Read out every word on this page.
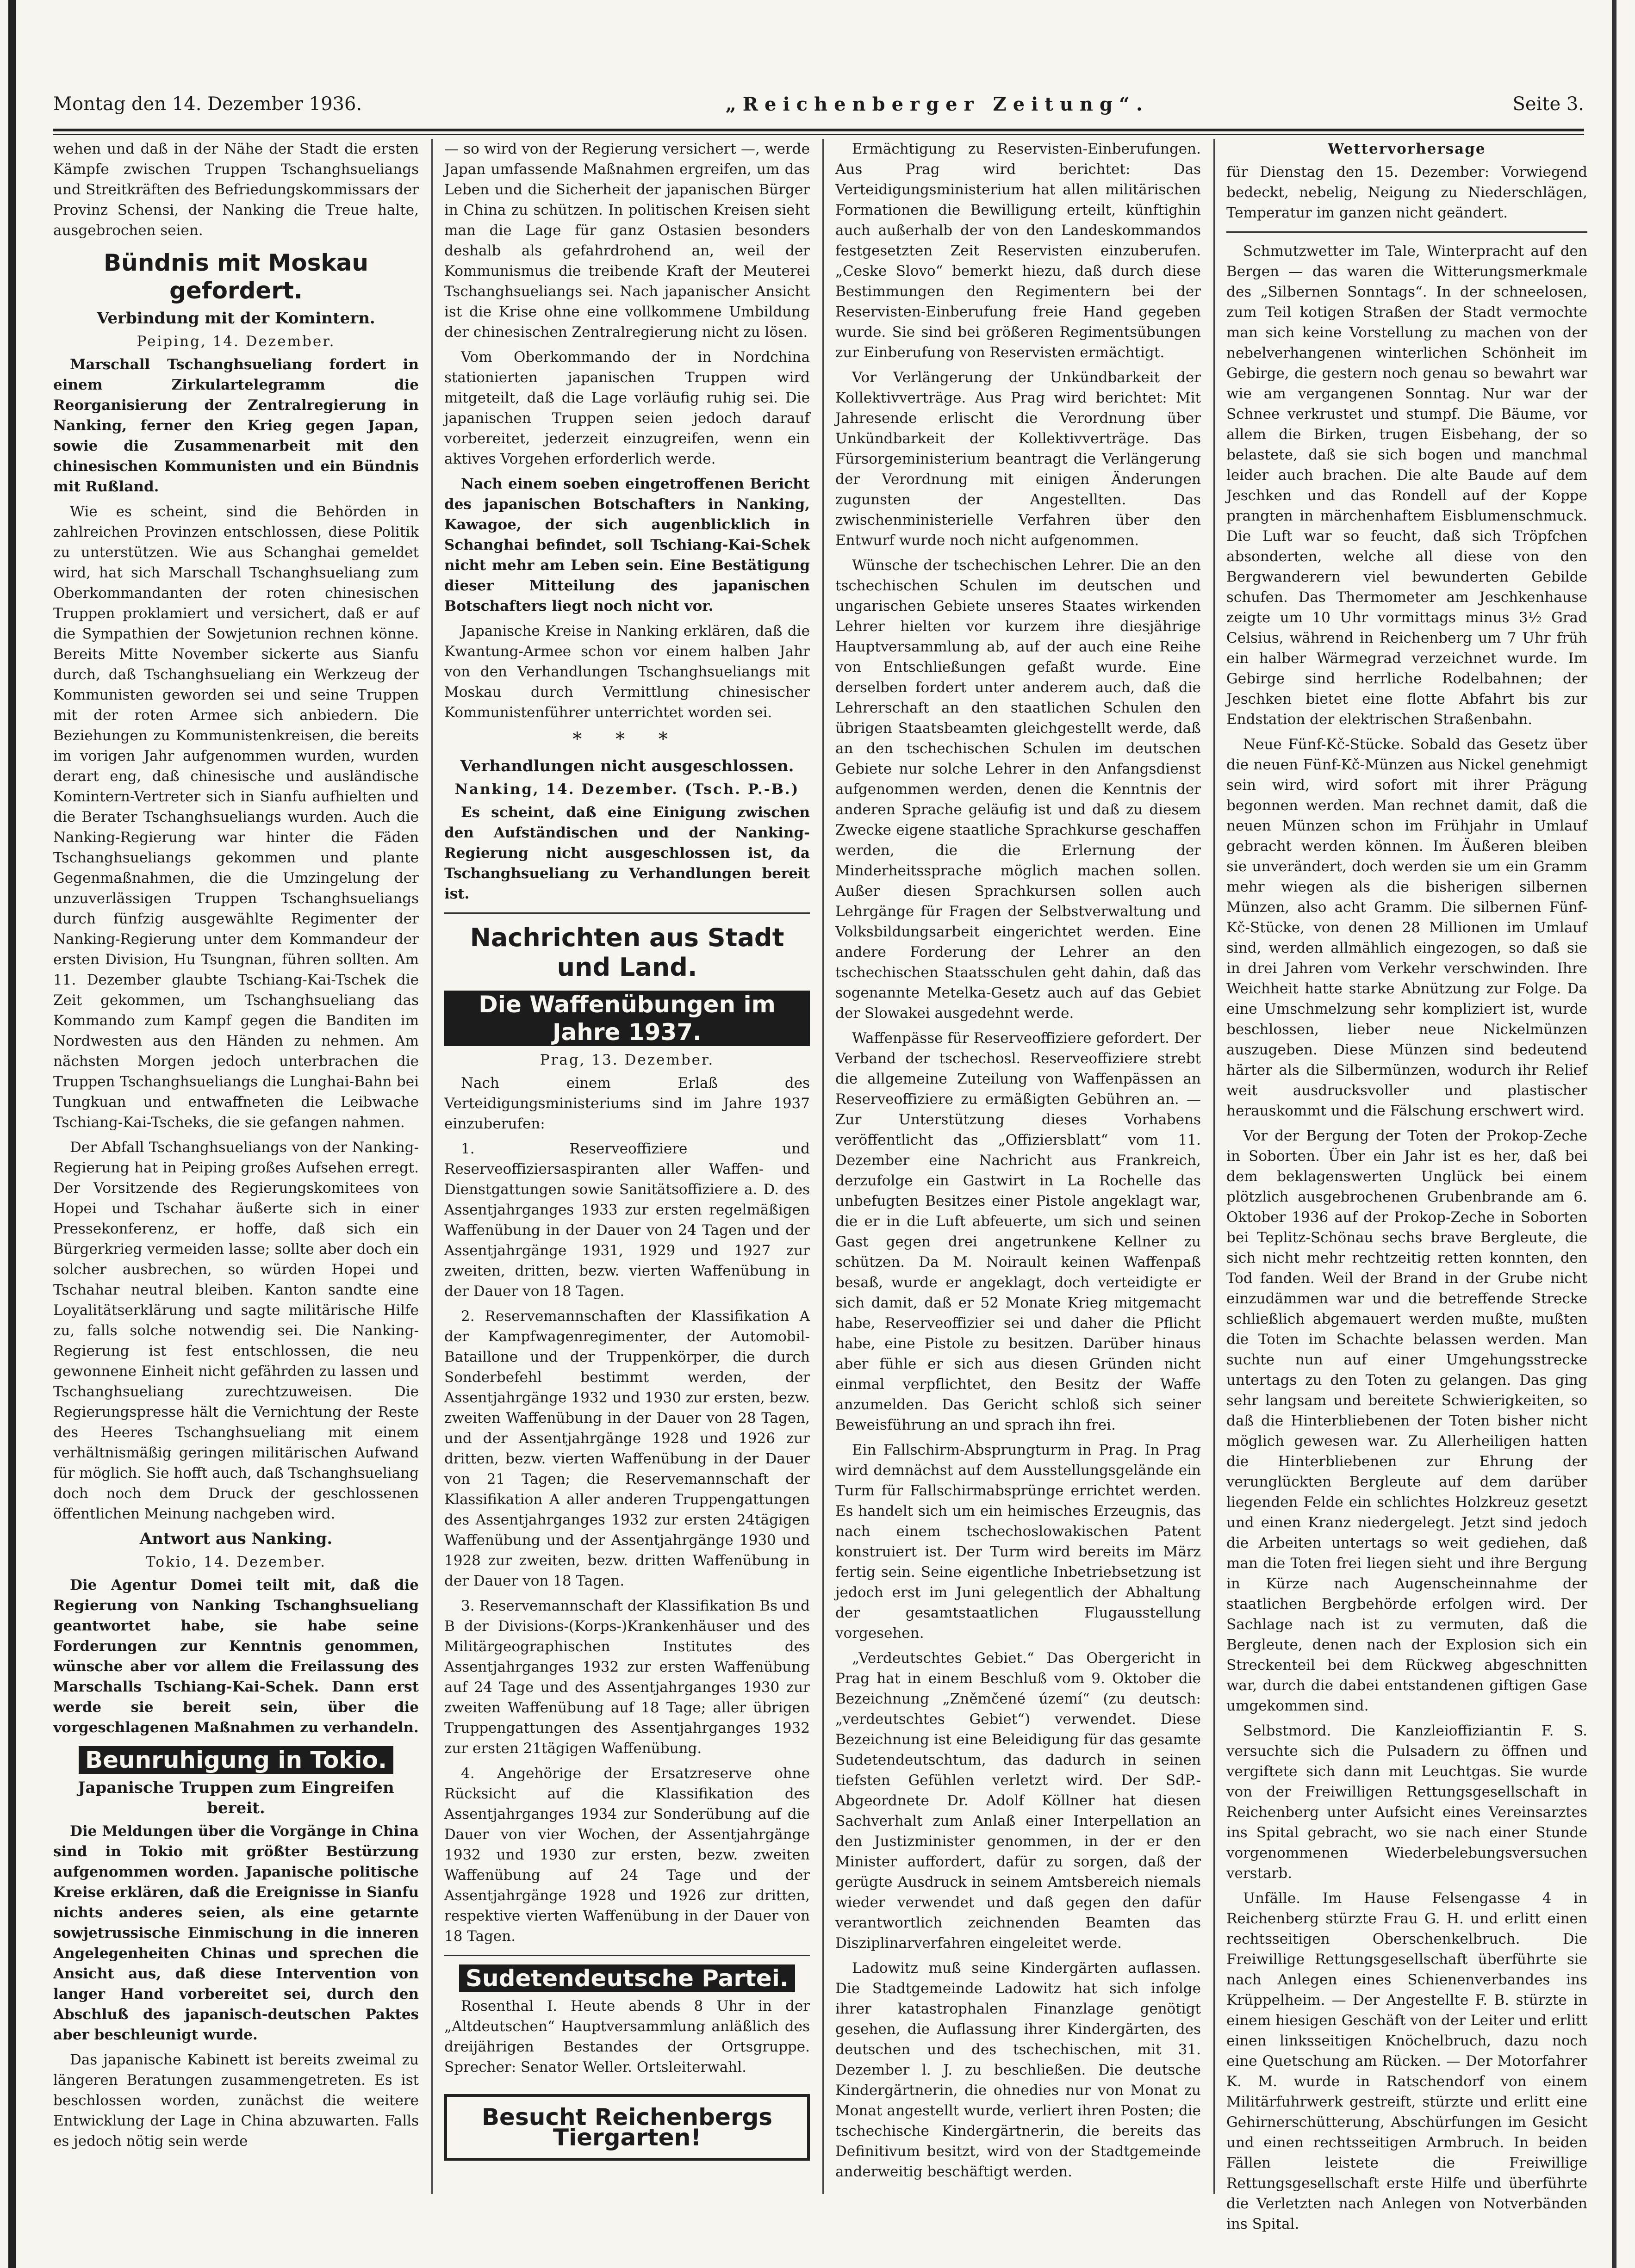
Montag den 14. Dezember 1936.	„Reichenberger Zeitung“.	Seite 3.

wehen und daß in der Nähe der Stadt die ersten Kämpfe zwischen Truppen Tschanghsueliangs und Streitkräften des Befriedungskommissars der Provinz Schensi, der Nanking die Treue halte, ausgebrochen seien.

Bündnis mit Moskau gefordert.
Verbindung mit der Komintern.
Peiping, 14. Dezember.

Marschall Tschanghsueliang fordert in einem Zirkulartelegramm die Reorganisierung der Zentralregierung in Nanking, ferner den Krieg gegen Japan, sowie die Zusammenarbeit mit den chinesischen Kommunisten und ein Bündnis mit Rußland.

Wie es scheint, sind die Behörden in zahlreichen Provinzen entschlossen, diese Politik zu unterstützen. Wie aus Schanghai gemeldet wird, hat sich Marschall Tschanghsueliang zum Oberkommandanten der roten chinesischen Truppen proklamiert und versichert, daß er auf die Sympathien der Sowjetunion rechnen könne. Bereits Mitte November sickerte aus Sianfu durch, daß Tschanghsueliang ein Werkzeug der Kommunisten geworden sei und seine Truppen mit der roten Armee sich anbiedern. Die Beziehungen zu Kommunistenkreisen, die bereits im vorigen Jahr aufgenommen wurden, wurden derart eng, daß chinesische und ausländische Komintern-Vertreter sich in Sianfu aufhielten und die Berater Tschanghsueliangs wurden. Auch die Nanking-Regierung war hinter die Fäden Tschanghsueliangs gekommen und plante Gegenmaßnahmen, die die Umzingelung der unzuverlässigen Truppen Tschanghsueliangs durch fünfzig ausgewählte Regimenter der Nanking-Regierung unter dem Kommandeur der ersten Division, Hu Tsungnan, führen sollten. Am 11. Dezember glaubte Tschiang-Kai-Tschek die Zeit gekommen, um Tschanghsueliang das Kommando zum Kampf gegen die Banditen im Nordwesten aus den Händen zu nehmen. Am nächsten Morgen jedoch unterbrachen die Truppen Tschanghsueliangs die Lunghai-Bahn bei Tungkuan und entwaffneten die Leibwache Tschiang-Kai-Tscheks, die sie gefangen nahmen.

Der Abfall Tschanghsueliangs von der Nanking-Regierung hat in Peiping großes Aufsehen erregt. Der Vorsitzende des Regierungskomitees von Hopei und Tschahar äußerte sich in einer Pressekonferenz, er hoffe, daß sich ein Bürgerkrieg vermeiden lasse; sollte aber doch ein solcher ausbrechen, so würden Hopei und Tschahar neutral bleiben. Kanton sandte eine Loyalitätserklärung und sagte militärische Hilfe zu, falls solche notwendig sei. Die Nanking-Regierung ist fest entschlossen, die neu gewonnene Einheit nicht gefährden zu lassen und Tschanghsueliang zurechtzuweisen. Die Regierungspresse hält die Vernichtung der Reste des Heeres Tschanghsueliang mit einem verhältnismäßig geringen militärischen Aufwand für möglich. Sie hofft auch, daß Tschanghsueliang doch noch dem Druck der geschlossenen öffentlichen Meinung nachgeben wird.

Antwort aus Nanking.
Tokio, 14. Dezember.

Die Agentur Domei teilt mit, daß die Regierung von Nanking Tschanghsueliang geantwortet habe, sie habe seine Forderungen zur Kenntnis genommen, wünsche aber vor allem die Freilassung des Marschalls Tschiang-Kai-Schek. Dann erst werde sie bereit sein, über die vorgeschlagenen Maßnahmen zu verhandeln.

Beunruhigung in Tokio.
Japanische Truppen zum Eingreifen bereit.

Die Meldungen über die Vorgänge in China sind in Tokio mit größter Bestürzung aufgenommen worden. Japanische politische Kreise erklären, daß die Ereignisse in Sianfu nichts anderes seien, als eine getarnte sowjetrussische Einmischung in die inneren Angelegenheiten Chinas und sprechen die Ansicht aus, daß diese Intervention von langer Hand vorbereitet sei, durch den Abschluß des japanisch-deutschen Paktes aber beschleunigt wurde.

Das japanische Kabinett ist bereits zweimal zu längeren Beratungen zusammengetreten. Es ist beschlossen worden, zunächst die weitere Entwicklung der Lage in China abzuwarten. Falls es jedoch nötig sein werde

— so wird von der Regierung versichert —, werde Japan umfassende Maßnahmen ergreifen, um das Leben und die Sicherheit der japanischen Bürger in China zu schützen. In politischen Kreisen sieht man die Lage für ganz Ostasien besonders deshalb als gefahrdrohend an, weil der Kommunismus die treibende Kraft der Meuterei Tschanghsueliangs sei. Nach japanischer Ansicht ist die Krise ohne eine vollkommene Umbildung der chinesischen Zentralregierung nicht zu lösen.

Vom Oberkommando der in Nordchina stationierten japanischen Truppen wird mitgeteilt, daß die Lage vorläufig ruhig sei. Die japanischen Truppen seien jedoch darauf vorbereitet, jederzeit einzugreifen, wenn ein aktives Vorgehen erforderlich werde.

Nach einem soeben eingetroffenen Bericht des japanischen Botschafters in Nanking, Kawagoe, der sich augenblicklich in Schanghai befindet, soll Tschiang-Kai-Schek nicht mehr am Leben sein. Eine Bestätigung dieser Mitteilung des japanischen Botschafters liegt noch nicht vor.

Japanische Kreise in Nanking erklären, daß die Kwantung-Armee schon vor einem halben Jahr von den Verhandlungen Tschanghsueliangs mit Moskau durch Vermittlung chinesischer Kommunistenführer unterrichtet worden sei.

* * *
Verhandlungen nicht ausgeschlossen.
Nanking, 14. Dezember. (Tsch. P.-B.)

Es scheint, daß eine Einigung zwischen den Aufständischen und der Nanking-Regierung nicht ausgeschlossen ist, da Tschanghsueliang zu Verhandlungen bereit ist.

Nachrichten aus Stadt und Land.
Die Waffenübungen im Jahre 1937.
Prag, 13. Dezember.

Nach einem Erlaß des Verteidigungsministeriums sind im Jahre 1937 einzuberufen:

1. Reserveoffiziere und Reserveoffiziersaspiranten aller Waffen- und Dienstgattungen sowie Sanitätsoffiziere a. D. des Assentjahrganges 1933 zur ersten regelmäßigen Waffenübung in der Dauer von 24 Tagen und der Assentjahrgänge 1931, 1929 und 1927 zur zweiten, dritten, bezw. vierten Waffenübung in der Dauer von 18 Tagen.

2. Reservemannschaften der Klassifikation A der Kampfwagenregimenter, der Automobil-Bataillone und der Truppenkörper, die durch Sonderbefehl bestimmt werden, der Assentjahrgänge 1932 und 1930 zur ersten, bezw. zweiten Waffenübung in der Dauer von 28 Tagen, und der Assentjahrgänge 1928 und 1926 zur dritten, bezw. vierten Waffenübung in der Dauer von 21 Tagen; die Reservemannschaft der Klassifikation A aller anderen Truppengattungen des Assentjahrganges 1932 zur ersten 24tägigen Waffenübung und der Assentjahrgänge 1930 und 1928 zur zweiten, bezw. dritten Waffenübung in der Dauer von 18 Tagen.

3. Reservemannschaft der Klassifikation Bs und B der Divisions-(Korps-)Krankenhäuser und des Militärgeographischen Institutes des Assentjahrganges 1932 zur ersten Waffenübung auf 24 Tage und des Assentjahrganges 1930 zur zweiten Waffenübung auf 18 Tage; aller übrigen Truppengattungen des Assentjahrganges 1932 zur ersten 21tägigen Waffenübung.

4. Angehörige der Ersatzreserve ohne Rücksicht auf die Klassifikation des Assentjahrganges 1934 zur Sonderübung auf die Dauer von vier Wochen, der Assentjahrgänge 1932 und 1930 zur ersten, bezw. zweiten Waffenübung auf 24 Tage und der Assentjahrgänge 1928 und 1926 zur dritten, respektive vierten Waffenübung in der Dauer von 18 Tagen.

Sudetendeutsche Partei.

Rosenthal I. Heute abends 8 Uhr in der „Altdeutschen“ Hauptversammlung anläßlich des dreijährigen Bestandes der Ortsgruppe. Sprecher: Senator Weller. Ortsleiterwahl.

Besucht Reichenbergs Tiergarten!

Ermächtigung zu Reservisten-Einberufungen. Aus Prag wird berichtet: Das Verteidigungsministerium hat allen militärischen Formationen die Bewilligung erteilt, künftighin auch außerhalb der von den Landeskommandos festgesetzten Zeit Reservisten einzuberufen. „Ceske Slovo“ bemerkt hiezu, daß durch diese Bestimmungen den Regimentern bei der Reservisten-Einberufung freie Hand gegeben wurde. Sie sind bei größeren Regimentsübungen zur Einberufung von Reservisten ermächtigt.

Vor Verlängerung der Unkündbarkeit der Kollektivverträge. Aus Prag wird berichtet: Mit Jahresende erlischt die Verordnung über Unkündbarkeit der Kollektivverträge. Das Fürsorgeministerium beantragt die Verlängerung der Verordnung mit einigen Änderungen zugunsten der Angestellten. Das zwischenministerielle Verfahren über den Entwurf wurde noch nicht aufgenommen.

Wünsche der tschechischen Lehrer. Die an den tschechischen Schulen im deutschen und ungarischen Gebiete unseres Staates wirkenden Lehrer hielten vor kurzem ihre diesjährige Hauptversammlung ab, auf der auch eine Reihe von Entschließungen gefaßt wurde. Eine derselben fordert unter anderem auch, daß die Lehrerschaft an den staatlichen Schulen den übrigen Staatsbeamten gleichgestellt werde, daß an den tschechischen Schulen im deutschen Gebiete nur solche Lehrer in den Anfangsdienst aufgenommen werden, denen die Kenntnis der anderen Sprache geläufig ist und daß zu diesem Zwecke eigene staatliche Sprachkurse geschaffen werden, die die Erlernung der Minderheitssprache möglich machen sollen. Außer diesen Sprachkursen sollen auch Lehrgänge für Fragen der Selbstverwaltung und Volksbildungsarbeit eingerichtet werden. Eine andere Forderung der Lehrer an den tschechischen Staatsschulen geht dahin, daß das sogenannte Metelka-Gesetz auch auf das Gebiet der Slowakei ausgedehnt werde.

Waffenpässe für Reserveoffiziere gefordert. Der Verband der tschechosl. Reserveoffiziere strebt die allgemeine Zuteilung von Waffenpässen an Reserveoffiziere zu ermäßigten Gebühren an. — Zur Unterstützung dieses Vorhabens veröffentlicht das „Offiziersblatt“ vom 11. Dezember eine Nachricht aus Frankreich, derzufolge ein Gastwirt in La Rochelle das unbefugten Besitzes einer Pistole angeklagt war, die er in die Luft abfeuerte, um sich und seinen Gast gegen drei angetrunkene Kellner zu schützen. Da M. Noirault keinen Waffenpaß besaß, wurde er angeklagt, doch verteidigte er sich damit, daß er 52 Monate Krieg mitgemacht habe, Reserveoffizier sei und daher die Pflicht habe, eine Pistole zu besitzen. Darüber hinaus aber fühle er sich aus diesen Gründen nicht einmal verpflichtet, den Besitz der Waffe anzumelden. Das Gericht schloß sich seiner Beweisführung an und sprach ihn frei.

Ein Fallschirm-Absprungturm in Prag. In Prag wird demnächst auf dem Ausstellungsgelände ein Turm für Fallschirmabsprünge errichtet werden. Es handelt sich um ein heimisches Erzeugnis, das nach einem tschechoslowakischen Patent konstruiert ist. Der Turm wird bereits im März fertig sein. Seine eigentliche Inbetriebsetzung ist jedoch erst im Juni gelegentlich der Abhaltung der gesamtstaatlichen Flugausstellung vorgesehen.

„Verdeutschtes Gebiet.“ Das Obergericht in Prag hat in einem Beschluß vom 9. Oktober die Bezeichnung „Zněmčené území“ (zu deutsch: „verdeutschtes Gebiet“) verwendet. Diese Bezeichnung ist eine Beleidigung für das gesamte Sudetendeutschtum, das dadurch in seinen tiefsten Gefühlen verletzt wird. Der SdP.-Abgeordnete Dr. Adolf Köllner hat diesen Sachverhalt zum Anlaß einer Interpellation an den Justizminister genommen, in der er den Minister auffordert, dafür zu sorgen, daß der gerügte Ausdruck in seinem Amtsbereich niemals wieder verwendet und daß gegen den dafür verantwortlich zeichnenden Beamten das Disziplinarverfahren eingeleitet werde.

Ladowitz muß seine Kindergärten auflassen. Die Stadtgemeinde Ladowitz hat sich infolge ihrer katastrophalen Finanzlage genötigt gesehen, die Auflassung ihrer Kindergärten, des deutschen und des tschechischen, mit 31. Dezember l. J. zu beschließen. Die deutsche Kindergärtnerin, die ohnedies nur von Monat zu Monat angestellt wurde, verliert ihren Posten; die tschechische Kindergärtnerin, die bereits das Definitivum besitzt, wird von der Stadtgemeinde anderweitig beschäftigt werden.

Wettervorhersage

für Dienstag den 15. Dezember: Vorwiegend bedeckt, nebelig, Neigung zu Niederschlägen, Temperatur im ganzen nicht geändert.

Schmutzwetter im Tale, Winterpracht auf den Bergen — das waren die Witterungsmerkmale des „Silbernen Sonntags“. In der schneelosen, zum Teil kotigen Straßen der Stadt vermochte man sich keine Vorstellung zu machen von der nebelverhangenen winterlichen Schönheit im Gebirge, die gestern noch genau so bewahrt war wie am vergangenen Sonntag. Nur war der Schnee verkrustet und stumpf. Die Bäume, vor allem die Birken, trugen Eisbehang, der so belastete, daß sie sich bogen und manchmal leider auch brachen. Die alte Baude auf dem Jeschken und das Rondell auf der Koppe prangten in märchenhaftem Eisblumenschmuck. Die Luft war so feucht, daß sich Tröpfchen absonderten, welche all diese von den Bergwanderern viel bewunderten Gebilde schufen. Das Thermometer am Jeschkenhause zeigte um 10 Uhr vormittags minus 3½ Grad Celsius, während in Reichenberg um 7 Uhr früh ein halber Wärmegrad verzeichnet wurde. Im Gebirge sind herrliche Rodelbahnen; der Jeschken bietet eine flotte Abfahrt bis zur Endstation der elektrischen Straßenbahn.

Neue Fünf-Kč-Stücke. Sobald das Gesetz über die neuen Fünf-Kč-Münzen aus Nickel genehmigt sein wird, wird sofort mit ihrer Prägung begonnen werden. Man rechnet damit, daß die neuen Münzen schon im Frühjahr in Umlauf gebracht werden können. Im Äußeren bleiben sie unverändert, doch werden sie um ein Gramm mehr wiegen als die bisherigen silbernen Münzen, also acht Gramm. Die silbernen Fünf-Kč-Stücke, von denen 28 Millionen im Umlauf sind, werden allmählich eingezogen, so daß sie in drei Jahren vom Verkehr verschwinden. Ihre Weichheit hatte starke Abnützung zur Folge. Da eine Umschmelzung sehr kompliziert ist, wurde beschlossen, lieber neue Nickelmünzen auszugeben. Diese Münzen sind bedeutend härter als die Silbermünzen, wodurch ihr Relief weit ausdrucksvoller und plastischer herauskommt und die Fälschung erschwert wird.

Vor der Bergung der Toten der Prokop-Zeche in Soborten. Über ein Jahr ist es her, daß bei dem beklagenswerten Unglück bei einem plötzlich ausgebrochenen Grubenbrande am 6. Oktober 1936 auf der Prokop-Zeche in Soborten bei Teplitz-Schönau sechs brave Bergleute, die sich nicht mehr rechtzeitig retten konnten, den Tod fanden. Weil der Brand in der Grube nicht einzudämmen war und die betreffende Strecke schließlich abgemauert werden mußte, mußten die Toten im Schachte belassen werden. Man suchte nun auf einer Umgehungsstrecke untertags zu den Toten zu gelangen. Das ging sehr langsam und bereitete Schwierigkeiten, so daß die Hinterbliebenen der Toten bisher nicht möglich gewesen war. Zu Allerheiligen hatten die Hinterbliebenen zur Ehrung der verunglückten Bergleute auf dem darüber liegenden Felde ein schlichtes Holzkreuz gesetzt und einen Kranz niedergelegt. Jetzt sind jedoch die Arbeiten untertags so weit gediehen, daß man die Toten frei liegen sieht und ihre Bergung in Kürze nach Augenscheinnahme der staatlichen Bergbehörde erfolgen wird. Der Sachlage nach ist zu vermuten, daß die Bergleute, denen nach der Explosion sich ein Streckenteil bei dem Rückweg abgeschnitten war, durch die dabei entstandenen giftigen Gase umgekommen sind.

Selbstmord. Die Kanzleioffiziantin F. S. versuchte sich die Pulsadern zu öffnen und vergiftete sich dann mit Leuchtgas. Sie wurde von der Freiwilligen Rettungsgesellschaft in Reichenberg unter Aufsicht eines Vereinsarztes ins Spital gebracht, wo sie nach einer Stunde vorgenommenen Wiederbelebungsversuchen verstarb.

Unfälle. Im Hause Felsengasse 4 in Reichenberg stürzte Frau G. H. und erlitt einen rechtsseitigen Oberschenkelbruch. Die Freiwillige Rettungsgesellschaft überführte sie nach Anlegen eines Schienenverbandes ins Krüppelheim. — Der Angestellte F. B. stürzte in einem hiesigen Geschäft von der Leiter und erlitt einen linksseitigen Knöchelbruch, dazu noch eine Quetschung am Rücken. — Der Motorfahrer K. M. wurde in Ratschendorf von einem Militärfuhrwerk gestreift, stürzte und erlitt eine Gehirnerschütterung, Abschürfungen im Gesicht und einen rechtsseitigen Armbruch. In beiden Fällen leistete die Freiwillige Rettungsgesellschaft erste Hilfe und überführte die Verletzten nach Anlegen von Notverbänden ins Spital.
